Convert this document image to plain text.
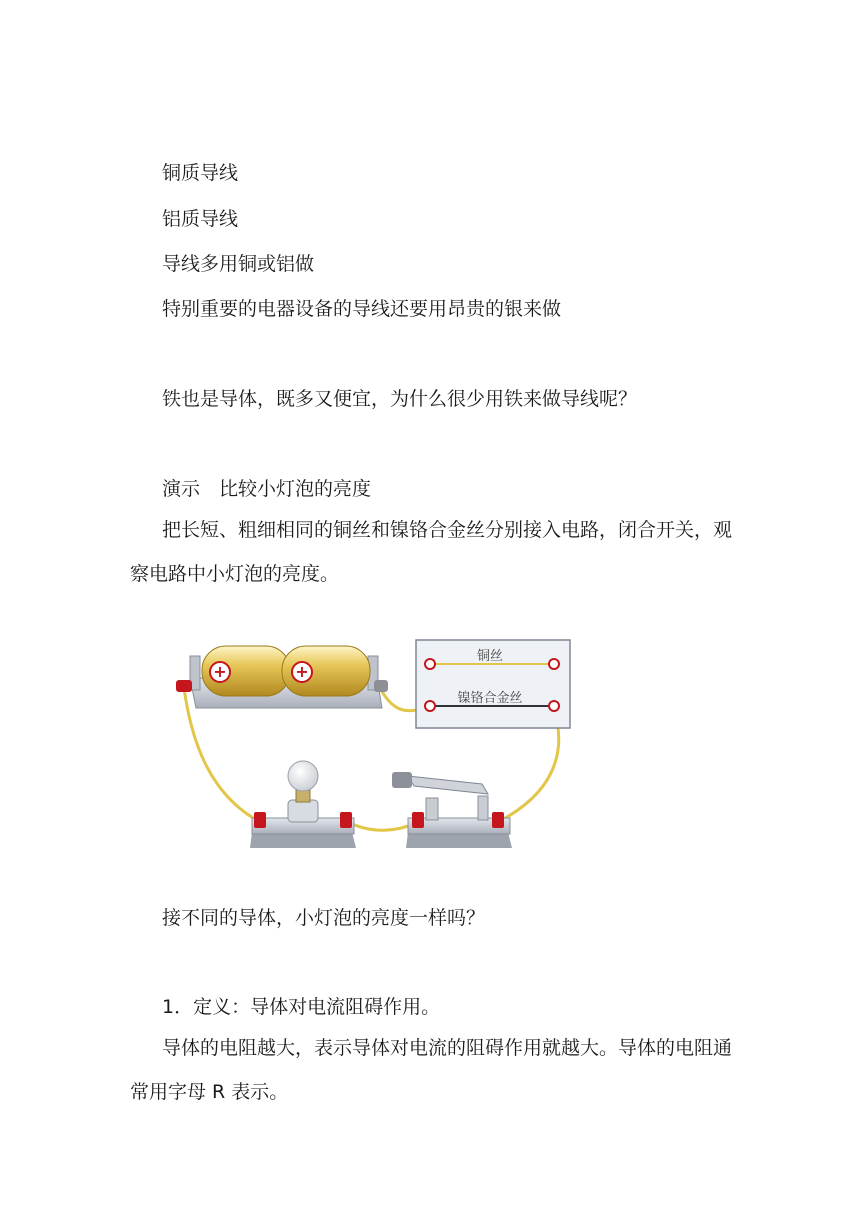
铜质导线
铝质导线
导线多用铜或铝做
特别重要的电器设备的导线还要用昂贵的银来做
铁也是导体，既多又便宜，为什么很少用铁来做导线呢？
演示　比较小灯泡的亮度
把长短、粗细相同的铜丝和镍铬合金丝分别接入电路，闭合开关，观察电路中小灯泡的亮度。
+	+
铜丝
镍铬合金丝
接不同的导体，小灯泡的亮度一样吗？
1．定义：导体对电流阻碍作用。
导体的电阻越大，表示导体对电流的阻碍作用就越大。导体的电阻通常用字母 R 表示。
